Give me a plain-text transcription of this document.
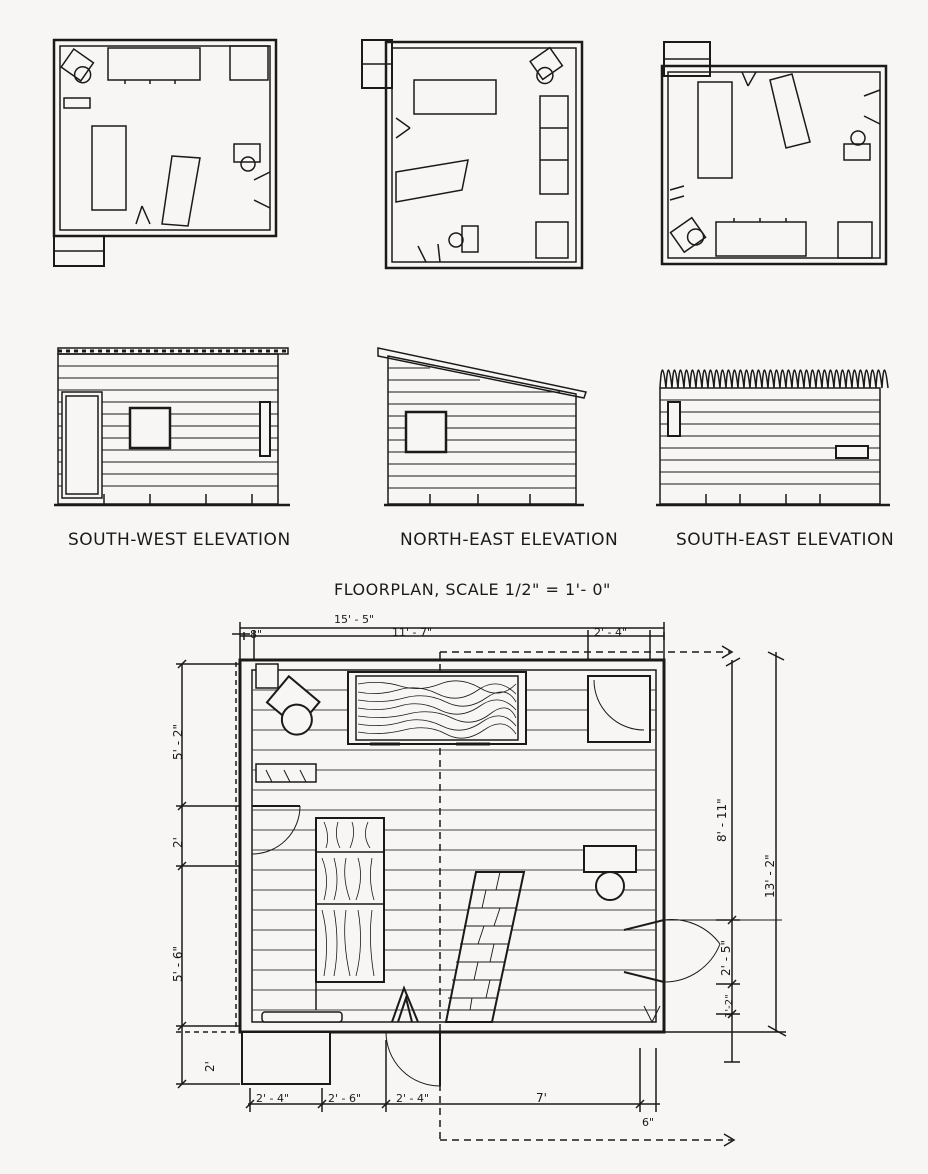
15' - 5"
8"	11' - 7"	2' - 4"
5' - 2"
2'
5' - 6"
2'
8' - 11"
13' - 2"
2' - 5"
1'-2"
2' - 4"	2' - 6"	2' - 4"	7'
6"
SOUTH-WEST ELEVATION	NORTH-EAST ELEVATION	SOUTH-EAST ELEVATION
FLOORPLAN, SCALE 1/2" = 1'- 0"
